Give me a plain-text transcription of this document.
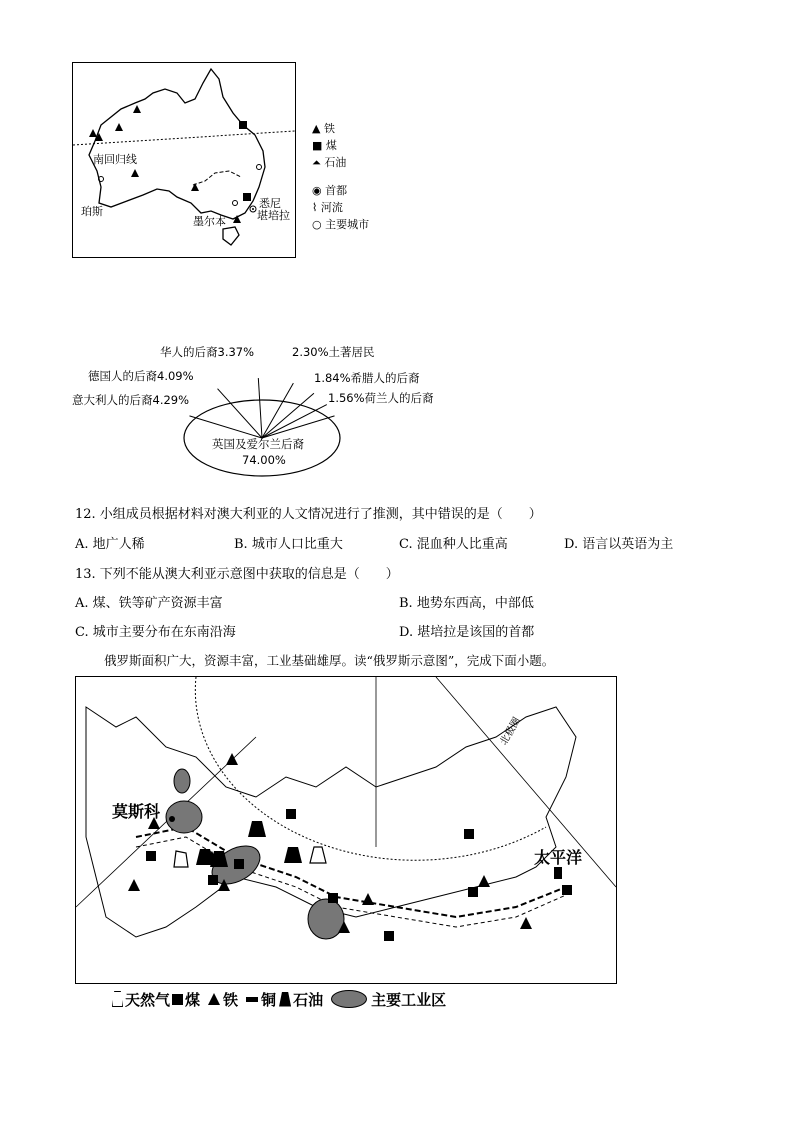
南回归线
珀斯
墨尔本
悉尼
堪培拉
▲ 铁
■ 煤
⏶ 石油
◉ 首都
⌇ 河流
○ 主要城市
华人的后裔3.37%	2.30%土著居民
德国人的后裔4.09%	1.84%希腊人的后裔
意大利人的后裔4.29%	1.56%荷兰人的后裔
英国及爱尔兰后裔
74.00%
12. 小组成员根据材料对澳大利亚的人文情况进行了推测，其中错误的是（　　）
A. 地广人稀	B. 城市人口比重大	C. 混血种人比重高	D. 语言以英语为主
13. 下列不能从澳大利亚示意图中获取的信息是（　　）
A. 煤、铁等矿产资源丰富	B. 地势东西高，中部低
C. 城市主要分布在东南沿海	D. 堪培拉是该国的首都
俄罗斯面积广大，资源丰富，工业基础雄厚。读“俄罗斯示意图”，完成下面小题。
莫斯科
太平洋
北极圈
天然气 煤 铁 铜 石油	主要工业区
